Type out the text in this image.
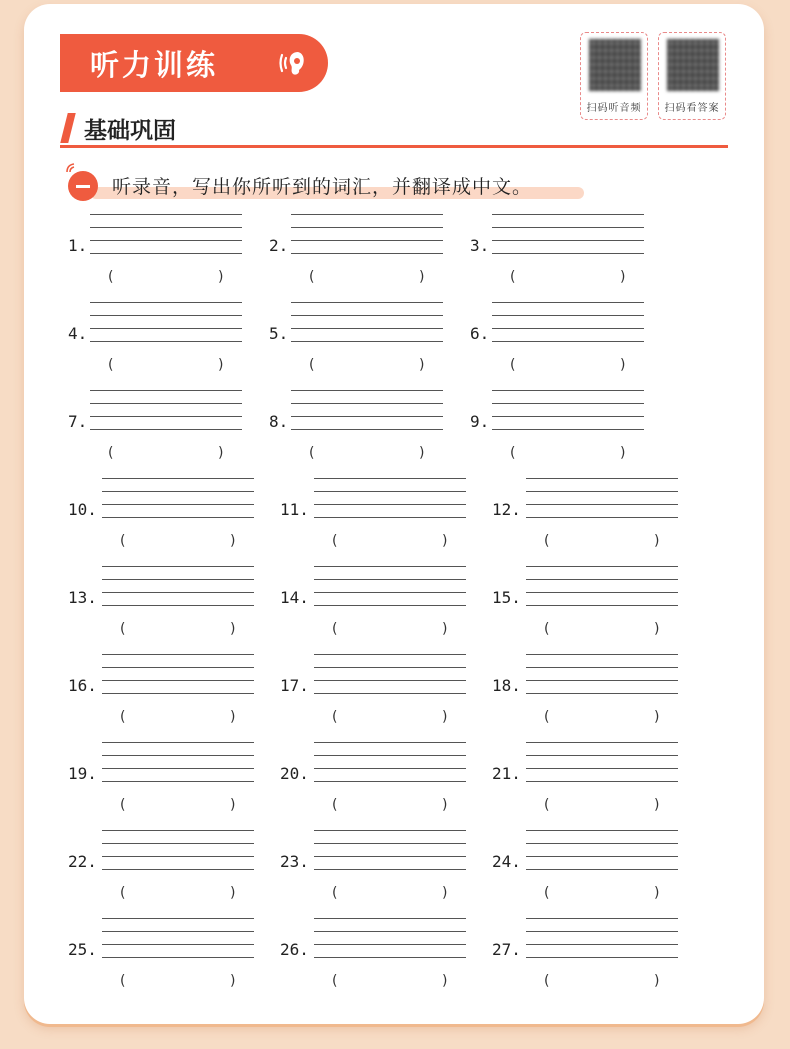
听力训练
扫码听音频	扫码看答案
基础巩固
听录音，写出你所听到的词汇，并翻译成中文。
1.
(	)
2.
(	)
3.
(	)
4.
(	)
5.
(	)
6.
(	)
7.
(	)
8.
(	)
9.
(	)
10.
(	)
11.
(	)
12.
(	)
13.
(	)
14.
(	)
15.
(	)
16.
(	)
17.
(	)
18.
(	)
19.
(	)
20.
(	)
21.
(	)
22.
(	)
23.
(	)
24.
(	)
25.
(	)
26.
(	)
27.
(	)
